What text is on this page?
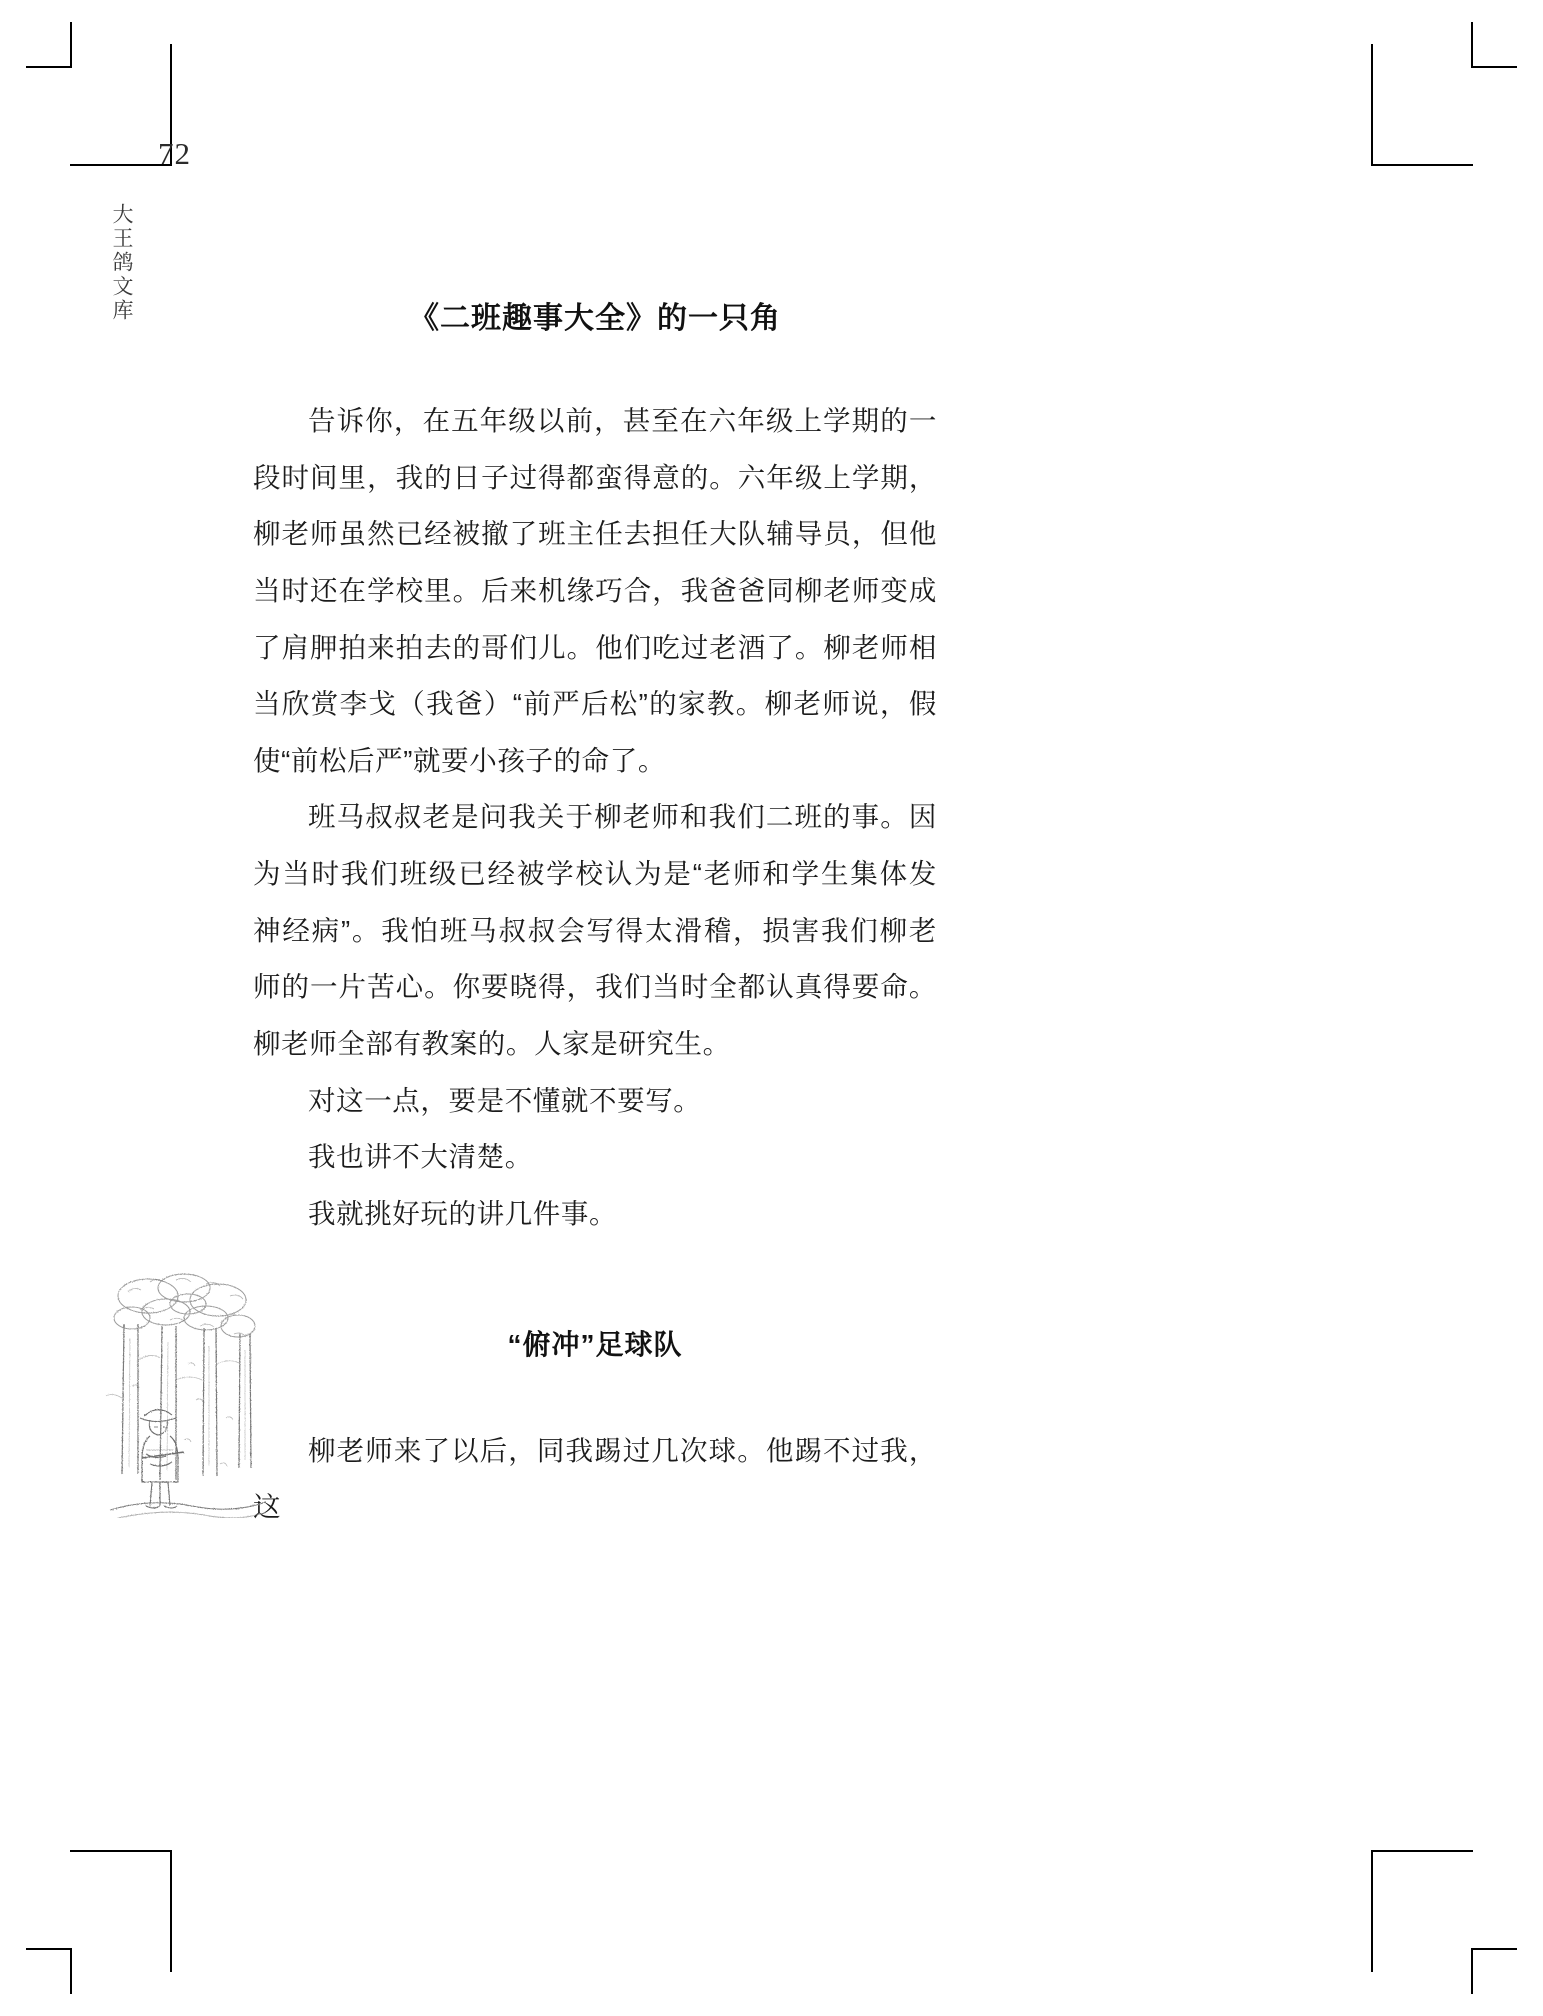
72
大王鸽文库	《二班趣事大全》的一只角

告诉你，在五年级以前，甚至在六年级上学期的一段时间里，我的日子过得都蛮得意的。六年级上学期，柳老师虽然已经被撤了班主任去担任大队辅导员，但他当时还在学校里。后来机缘巧合，我爸爸同柳老师变成了肩胛拍来拍去的哥们儿。他们吃过老酒了。柳老师相当欣赏李戈（我爸）“前严后松”的家教。柳老师说，假使“前松后严”就要小孩子的命了。

班马叔叔老是问我关于柳老师和我们二班的事。因为当时我们班级已经被学校认为是“老师和学生集体发神经病”。我怕班马叔叔会写得太滑稽，损害我们柳老师的一片苦心。你要晓得，我们当时全都认真得要命。柳老师全部有教案的。人家是研究生。

对这一点，要是不懂就不要写。

我也讲不大清楚。

我就挑好玩的讲几件事。

“俯冲”足球队

柳老师来了以后，同我踢过几次球。他踢不过我，这
